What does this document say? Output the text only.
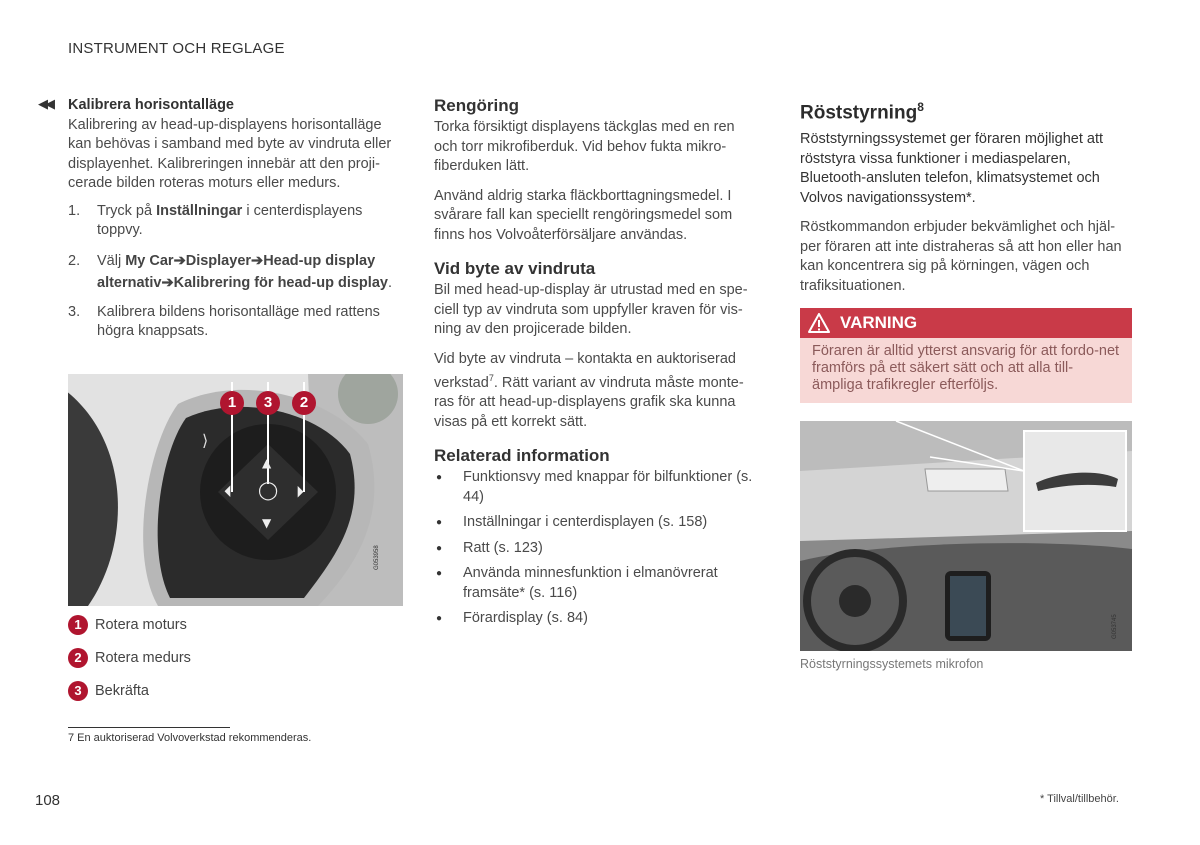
INSTRUMENT OCH REGLAGE
◀◀ Kalibrera horisontalläge

Kalibrering av head-up-displayens horisontalläge kan behövas i samband med byte av vindruta eller displayenhet. Kalibreringen innebär att den proji-cerade bilden roteras moturs eller medurs.

1. Tryck på Inställningar i centerdisplayens toppvy.
2. Välj My Car➔Displayer➔Head-up display alternativ➔Kalibrering för head-up display.
3. Kalibrera bildens horisontalläge med rattens högra knappsats.
⟩
1	3	2
⏴ ◯ ⏵
▲
▼
G053958
1 Rotera moturs
2 Rotera medurs
3 Bekräfta
7 En auktoriserad Volvoverkstad rekommenderas.
Rengöring

Torka försiktigt displayens täckglas med en ren och torr mikrofiberduk. Vid behov fukta mikro-fiberduken lätt.

Använd aldrig starka fläckborttagningsmedel. I svårare fall kan speciellt rengöringsmedel som finns hos Volvoåterförsäljare användas.

Vid byte av vindruta

Bil med head-up-display är utrustad med en spe-ciell typ av vindruta som uppfyller kraven för vis-ning av den projicerade bilden.

Vid byte av vindruta – kontakta en auktoriserad verkstad$^7$. Rätt variant av vindruta måste monte-ras för att head-up-displayens grafik ska kunna visas på ett korrekt sätt.

Relaterad information
● Funktionsvy med knappar för bilfunktioner (s. 44)
● Inställningar i centerdisplayen (s. 158)
● Ratt (s. 123)
● Använda minnesfunktion i elmanövrerat framsäte* (s. 116)
● Förardisplay (s. 84)
Röststyrning$^8$

Röststyrningssystemet ger föraren möjlighet att röststyra vissa funktioner i mediaspelaren, Bluetooth-ansluten telefon, klimatsystemet och Volvos navigationssystem*.

Röstkommandon erbjuder bekvämlighet och hjäl-per föraren att inte distraheras så att hon eller han kan koncentrera sig på körningen, vägen och trafiksituationen.

VARNING
Föraren är alltid ytterst ansvarig för att fordo-net framförs på ett säkert sätt och att alla till-ämpliga trafikregler efterföljs.
G053745
Röststyrningssystemets mikrofon
108	* Tillval/tillbehör.
